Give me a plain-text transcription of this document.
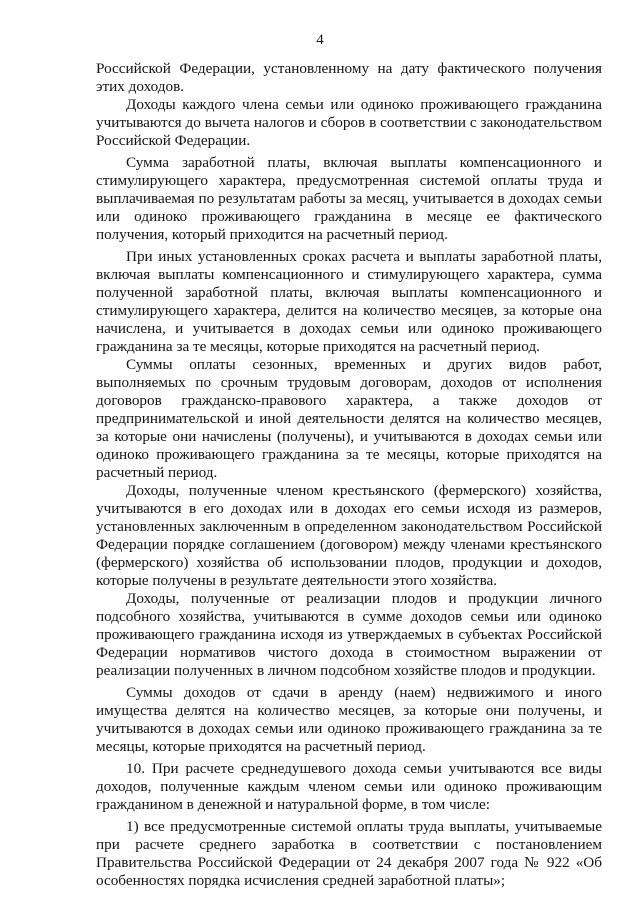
4

Российской Федерации, установленному на дату фактического получения этих доходов.

Доходы каждого члена семьи или одиноко проживающего гражданина учитываются до вычета налогов и сборов в соответствии с законодательством Российской Федерации.

Сумма заработной платы, включая выплаты компенсационного и стимулирующего характера, предусмотренная системой оплаты труда и выплачиваемая по результатам работы за месяц, учитывается в доходах семьи или одиноко проживающего гражданина в месяце ее фактического получения, который приходится на расчетный период.

При иных установленных сроках расчета и выплаты заработной платы, включая выплаты компенсационного и стимулирующего характера, сумма полученной заработной платы, включая выплаты компенсационного и стимулирующего характера, делится на количество месяцев, за которые она начислена, и учитывается в доходах семьи или одиноко проживающего гражданина за те месяцы, которые приходятся на расчетный период.

Суммы оплаты сезонных, временных и других видов работ, выполняемых по срочным трудовым договорам, доходов от исполнения договоров гражданско-правового характера, а также доходов от предпринимательской и иной деятельности делятся на количество месяцев, за которые они начислены (получены), и учитываются в доходах семьи или одиноко проживающего гражданина за те месяцы, которые приходятся на расчетный период.

Доходы, полученные членом крестьянского (фермерского) хозяйства, учитываются в его доходах или в доходах его семьи исходя из размеров, установленных заключенным в определенном законодательством Российской Федерации порядке соглашением (договором) между членами крестьянского (фермерского) хозяйства об использовании плодов, продукции и доходов, которые получены в результате деятельности этого хозяйства.

Доходы, полученные от реализации плодов и продукции личного подсобного хозяйства, учитываются в сумме доходов семьи или одиноко проживающего гражданина исходя из утверждаемых в субъектах Российской Федерации нормативов чистого дохода в стоимостном выражении от реализации полученных в личном подсобном хозяйстве плодов и продукции.

Суммы доходов от сдачи в аренду (наем) недвижимого и иного имущества делятся на количество месяцев, за которые они получены, и учитываются в доходах семьи или одиноко проживающего гражданина за те месяцы, которые приходятся на расчетный период.

10. При расчете среднедушевого дохода семьи учитываются все виды доходов, полученные каждым членом семьи или одиноко проживающим гражданином в денежной и натуральной форме, в том числе:

1) все предусмотренные системой оплаты труда выплаты, учитываемые при расчете среднего заработка в соответствии с постановлением Правительства Российской Федерации от 24 декабря 2007 года № 922 «Об особенностях порядка исчисления средней заработной платы»;
